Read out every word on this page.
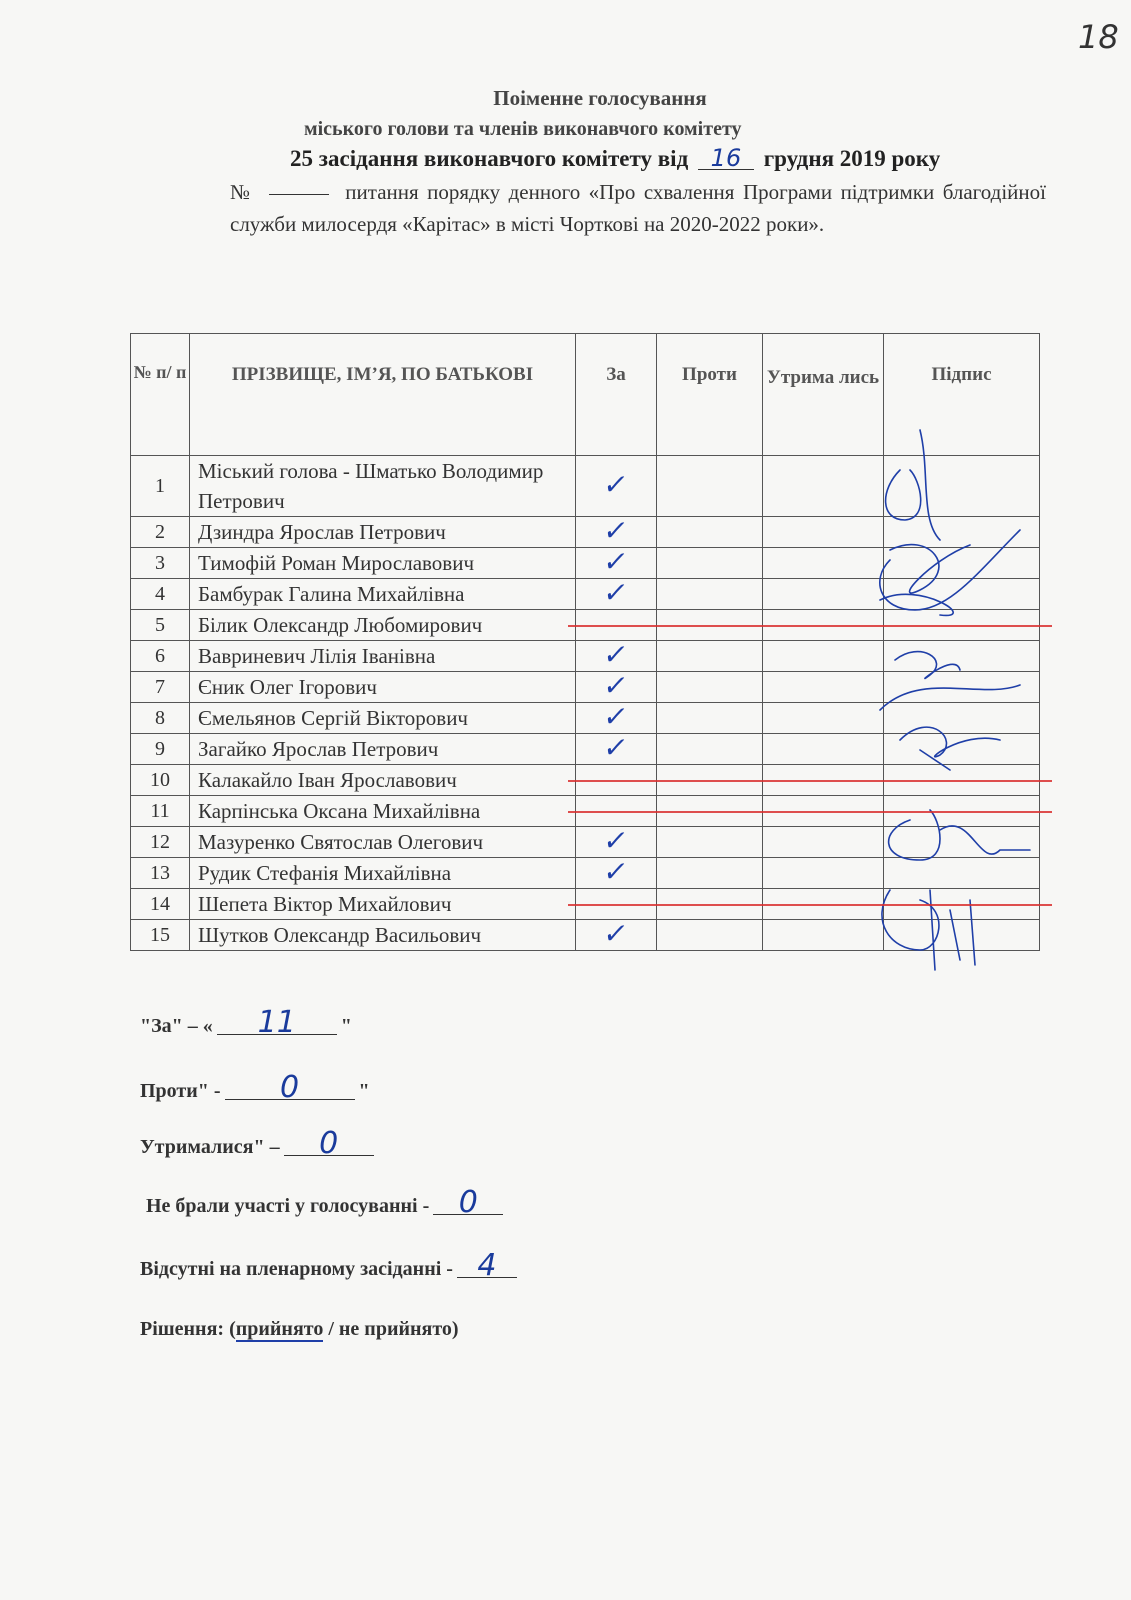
18
Поіменне голосування
міського голови та членів виконавчого комітету
25 засідання виконавчого комітету від 16 грудня 2019 року
№	питання порядку денного «Про схвалення Програми підтримки благодійної служби милосердя «Карітас» в місті Чорткові на 2020-2022 роки».
№ п/ п	ПРІЗВИЩЕ, ІМ’Я, ПО БАТЬКОВІ	За	Проти	Утрима лись	Підпис
1	Міський голова - Шматько Володимир Петрович	✓			
2	Дзиндра Ярослав Петрович	✓			
3	Тимофій Роман Мирославович	✓			
4	Бамбурак Галина Михайлівна	✓			
5	Білик Олександр Любомирович				
6	Вавриневич Лілія Іванівна	✓			
7	Єник Олег Ігорович	✓			
8	Ємельянов Сергій Вікторович	✓			
9	Загайко Ярослав Петрович	✓			
10	Калакайло Іван Ярославович				
11	Карпінська Оксана Михайлівна				
12	Мазуренко Святослав Олегович	✓			
13	Рудик Стефанія Михайлівна	✓			
14	Шепета Віктор Михайлович				
15	Шутков Олександр Васильович	✓			
"За" – « 11 "
Проти" - 0	"
Утрималися" – 0
Не брали участі у голосуванні - 0
Відсутні на пленарному засіданні - 4
Рішення: (прийнято / не прийнято)
